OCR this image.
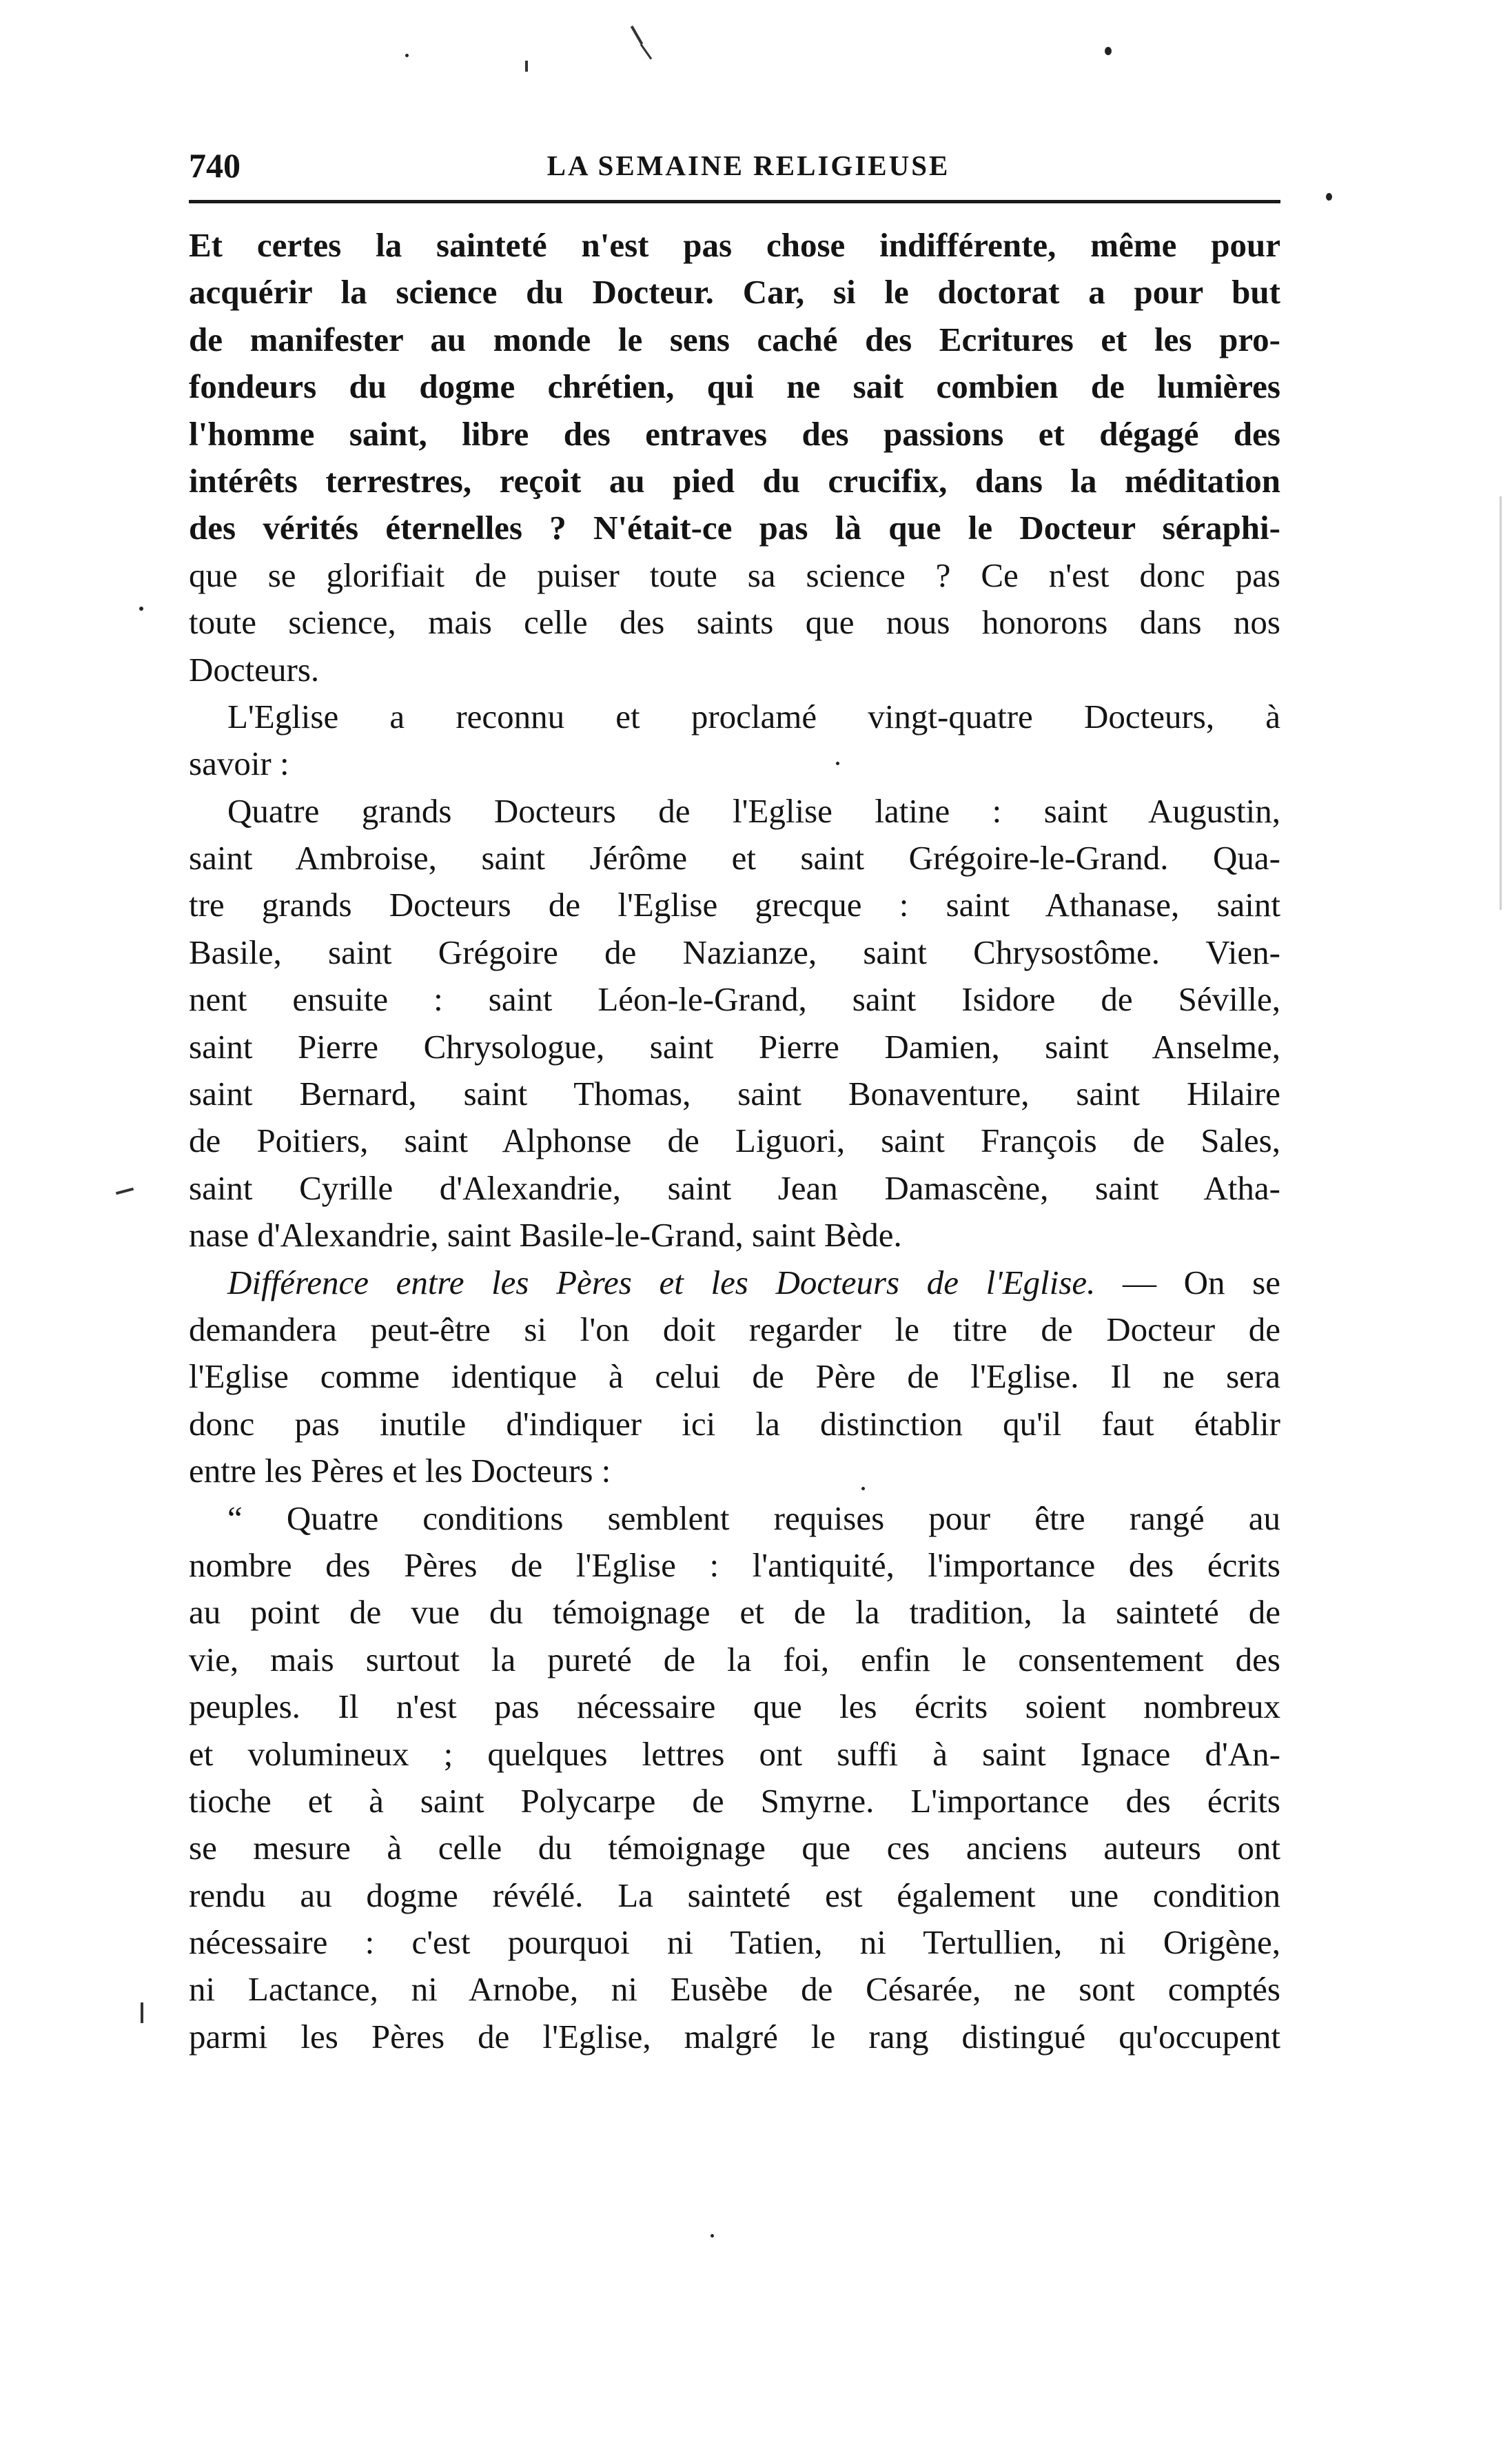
740	LA SEMAINE RELIGIEUSE
Et certes la sainteté n'est pas chose indifférente, même pour
acquérir la science du Docteur. Car, si le doctorat a pour but
de manifester au monde le sens caché des Ecritures et les pro-
fondeurs du dogme chrétien, qui ne sait combien de lumières
l'homme saint, libre des entraves des passions et dégagé des
intérêts terrestres, reçoit au pied du crucifix, dans la méditation
des vérités éternelles ? N'était-ce pas là que le Docteur séraphi-
que se glorifiait de puiser toute sa science ? Ce n'est donc pas
toute science, mais celle des saints que nous honorons dans nos
Docteurs.
L'Eglise a reconnu et proclamé vingt-quatre Docteurs, à
savoir :
Quatre grands Docteurs de l'Eglise latine : saint Augustin,
saint Ambroise, saint Jérôme et saint Grégoire-le-Grand. Qua-
tre grands Docteurs de l'Eglise grecque : saint Athanase, saint
Basile, saint Grégoire de Nazianze, saint Chrysostôme. Vien-
nent ensuite : saint Léon-le-Grand, saint Isidore de Séville,
saint Pierre Chrysologue, saint Pierre Damien, saint Anselme,
saint Bernard, saint Thomas, saint Bonaventure, saint Hilaire
de Poitiers, saint Alphonse de Liguori, saint François de Sales,
saint Cyrille d'Alexandrie, saint Jean Damascène, saint Atha-
nase d'Alexandrie, saint Basile-le-Grand, saint Bède.
Différence entre les Pères et les Docteurs de l'Eglise. — On se
demandera peut-être si l'on doit regarder le titre de Docteur de
l'Eglise comme identique à celui de Père de l'Eglise. Il ne sera
donc pas inutile d'indiquer ici la distinction qu'il faut établir
entre les Pères et les Docteurs :
“ Quatre conditions semblent requises pour être rangé au
nombre des Pères de l'Eglise : l'antiquité, l'importance des écrits
au point de vue du témoignage et de la tradition, la sainteté de
vie, mais surtout la pureté de la foi, enfin le consentement des
peuples. Il n'est pas nécessaire que les écrits soient nombreux
et volumineux ; quelques lettres ont suffi à saint Ignace d'An-
tioche et à saint Polycarpe de Smyrne. L'importance des écrits
se mesure à celle du témoignage que ces anciens auteurs ont
rendu au dogme révélé. La sainteté est également une condition
nécessaire : c'est pourquoi ni Tatien, ni Tertullien, ni Origène,
ni Lactance, ni Arnobe, ni Eusèbe de Césarée, ne sont comptés
parmi les Pères de l'Eglise, malgré le rang distingué qu'occupent
